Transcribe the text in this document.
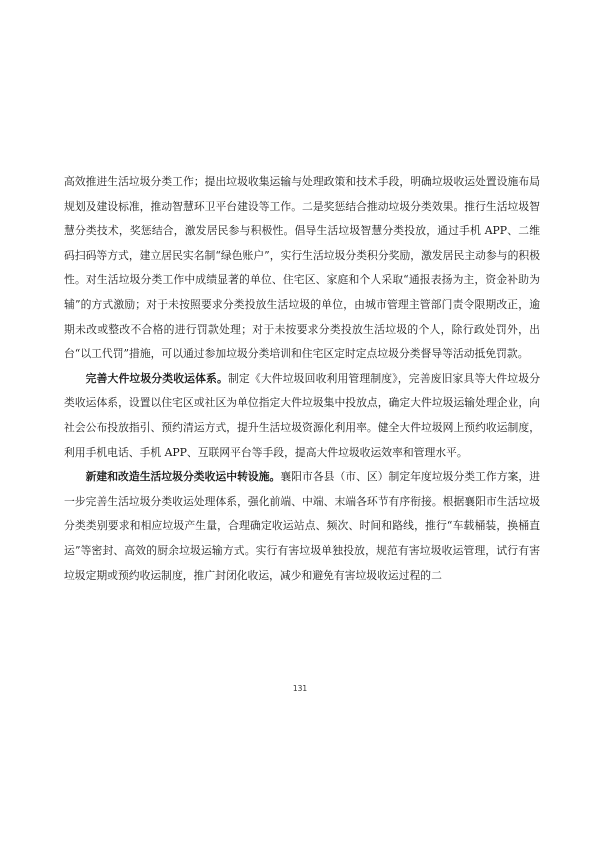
高效推进生活垃圾分类工作；提出垃圾收集运输与处理政策和技术手段，明确垃圾收运处置设施布局规划及建设标准，推动智慧环卫平台建设等工作。二是奖惩结合推动垃圾分类效果。推行生活垃圾智慧分类技术，奖惩结合，激发居民参与积极性。倡导生活垃圾智慧分类投放，通过手机 APP、二维码扫码等方式，建立居民实名制“绿色账户”，实行生活垃圾分类积分奖励，激发居民主动参与的积极性。对生活垃圾分类工作中成绩显著的单位、住宅区、家庭和个人采取“通报表扬为主，资金补助为辅”的方式激励；对于未按照要求分类投放生活垃圾的单位，由城市管理主管部门责令限期改正，逾期未改或整改不合格的进行罚款处理；对于未按要求分类投放生活垃圾的个人，除行政处罚外，出台“以工代罚”措施，可以通过参加垃圾分类培训和住宅区定时定点垃圾分类督导等活动抵免罚款。

完善大件垃圾分类收运体系。制定《大件垃圾回收利用管理制度》，完善废旧家具等大件垃圾分类收运体系，设置以住宅区或社区为单位指定大件垃圾集中投放点，确定大件垃圾运输处理企业，向社会公布投放指引、预约清运方式，提升生活垃圾资源化利用率。健全大件垃圾网上预约收运制度，利用手机电话、手机 APP、互联网平台等手段，提高大件垃圾收运效率和管理水平。

新建和改造生活垃圾分类收运中转设施。襄阳市各县（市、区）制定年度垃圾分类工作方案，进一步完善生活垃圾分类收运处理体系，强化前端、中端、末端各环节有序衔接。根据襄阳市生活垃圾分类类别要求和相应垃圾产生量，合理确定收运站点、频次、时间和路线，推行“车载桶装，换桶直运”等密封、高效的厨余垃圾运输方式。实行有害垃圾单独投放，规范有害垃圾收运管理，试行有害垃圾定期或预约收运制度，推广封闭化收运，减少和避免有害垃圾收运过程的二

131
